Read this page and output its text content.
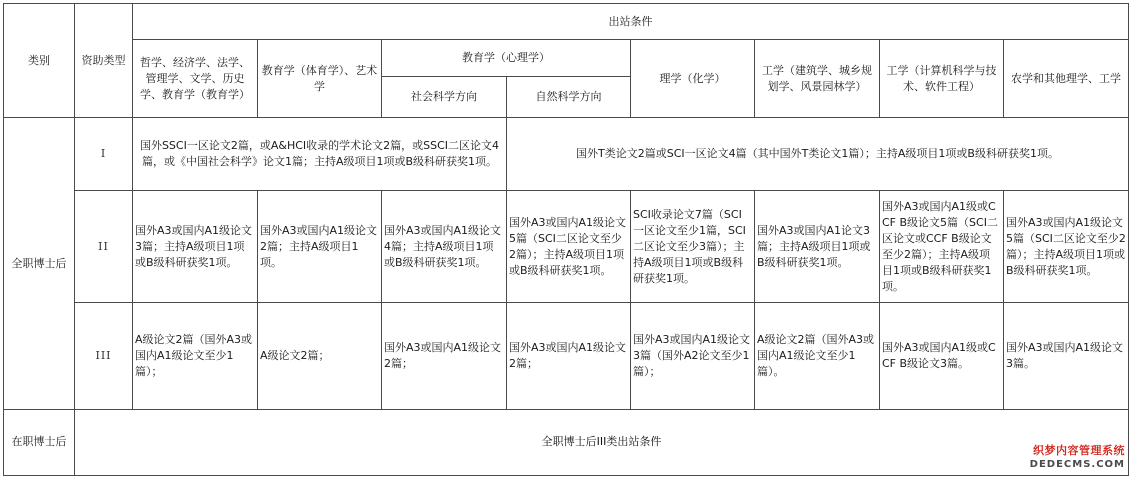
类别	资助类型	出站条件							
		哲学、经济学、法学、管理学、文学、历史学、教育学（教育学）	教育学（体育学）、艺术学	教育学（心理学）		理学（化学）	工学（建筑学、城乡规划学、风景园林学）	工学（计算机科学与技术、软件工程）	农学和其他理学、工学
				社会科学方向	自然科学方向				
全职博士后	I	国外SSCI一区论文2篇，或A&HCI收录的学术论文2篇，或SSCI二区论文4篇，或《中国社会科学》论文1篇；主持A级项目1项或B级科研获奖1项。			国外T类论文2篇或SCI一区论文4篇（其中国外T类论文1篇）；主持A级项目1项或B级科研获奖1项。				
	II	国外A3或国内A1级论文3篇；主持A级项目1项或B级科研获奖1项。	国外A3或国内A1级论文2篇；主持A级项目1项。	国外A3或国内A1级论文4篇；主持A级项目1项或B级科研获奖1项。	国外A3或国内A1级论文5篇（SCI二区论文至少2篇）；主持A级项目1项或B级科研获奖1项。	SCI收录论文7篇（SCI一区论文至少1篇，SCI二区论文至少3篇）；主持A级项目1项或B级科研获奖1项。	国外A3或国内A1论文3篇；主持A级项目1项或B级科研获奖1项。	国外A3或国内A1级或CCF B级论文5篇（SCI二区论文或CCF B级论文至少2篇）；主持A级项目1项或B级科研获奖1项。	国外A3或国内A1级论文5篇（SCI二区论文至少2篇）；主持A级项目1项或B级科研获奖1项。
	III	A级论文2篇（国外A3或国内A1级论文至少1篇）；	A级论文2篇；	国外A3或国内A1级论文2篇；	国外A3或国内A1级论文2篇；	国外A3或国内A1级论文3篇（国外A2论文至少1篇）；	A级论文2篇（国外A3或国内A1级论文至少1篇）。	国外A3或国内A1级或CCF B级论文3篇。	国外A3或国内A1级论文3篇。
在职博士后	全职博士后III类出站条件								
织梦内容管理系统
DEDECMS.COM
